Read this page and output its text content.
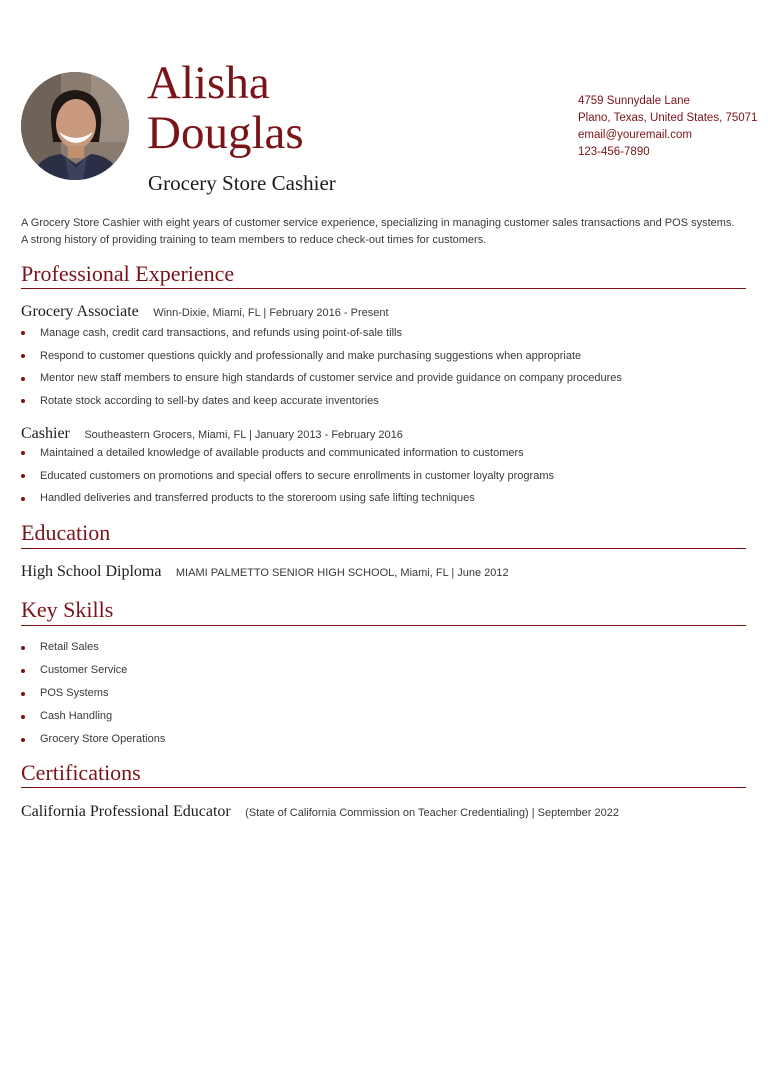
Alisha
Douglas
Grocery Store Cashier
4759 Sunnydale Lane
Plano, Texas, United States, 75071
email@youremail.com
123-456-7890
A Grocery Store Cashier with eight years of customer service experience, specializing in managing customer sales transactions and POS systems. A strong history of providing training to team members to reduce check-out times for customers.
Professional Experience
Grocery Associate Winn-Dixie, Miami, FL | February 2016 - Present
Manage cash, credit card transactions, and refunds using point-of-sale tills
Respond to customer questions quickly and professionally and make purchasing suggestions when appropriate
Mentor new staff members to ensure high standards of customer service and provide guidance on company procedures
Rotate stock according to sell-by dates and keep accurate inventories
Cashier Southeastern Grocers, Miami, FL | January 2013 - February 2016
Maintained a detailed knowledge of available products and communicated information to customers
Educated customers on promotions and special offers to secure enrollments in customer loyalty programs
Handled deliveries and transferred products to the storeroom using safe lifting techniques
Education
High School Diploma MIAMI PALMETTO SENIOR HIGH SCHOOL, Miami, FL | June 2012
Key Skills
Retail Sales
Customer Service
POS Systems
Cash Handling
Grocery Store Operations
Certifications
California Professional Educator (State of California Commission on Teacher Credentialing) | September 2022
